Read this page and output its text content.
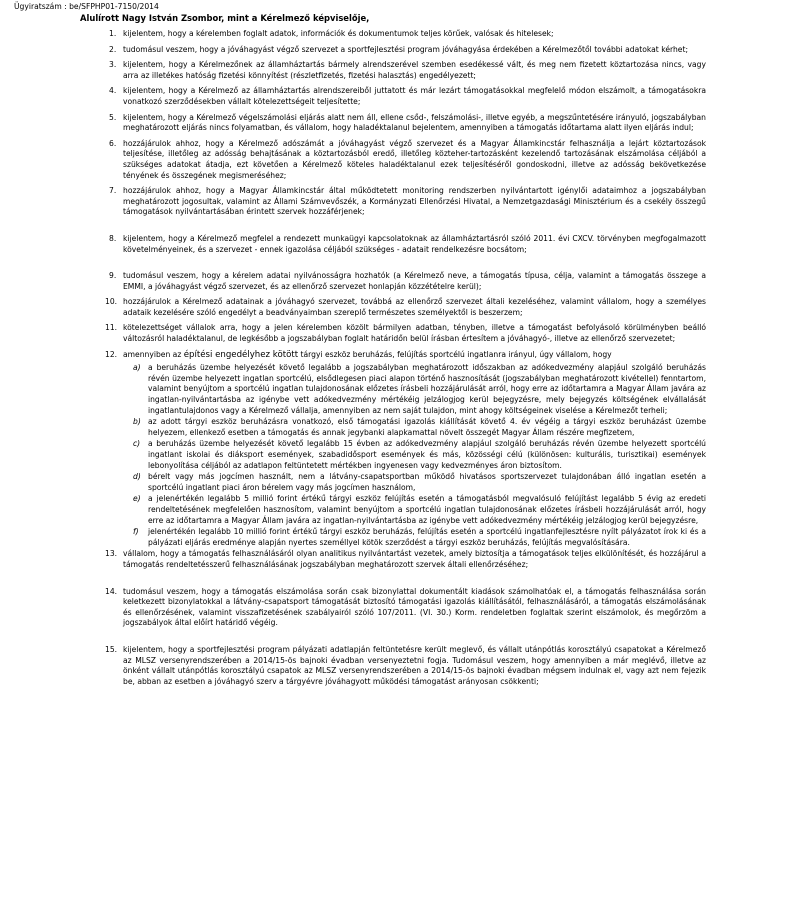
Ügyiratszám : be/SFPHP01-7150/2014
Alulírott Nagy István Zsombor, mint a Kérelmező képviselője,
1. kijelentem, hogy a kérelemben foglalt adatok, információk és dokumentumok teljes körűek, valósak és hitelesek;
2. tudomásul veszem, hogy a jóváhagyást végző szervezet a sportfejlesztési program jóváhagyása érdekében a Kérelmezőtől további adatokat kérhet;
3. kijelentem, hogy a Kérelmezőnek az államháztartás bármely alrendszerével szemben esedékessé vált, és meg nem fizetett köztartozása nincs, vagy arra az illetékes hatóság fizetési könnyítést (részletfizetés, fizetési halasztás) engedélyezett;
4. kijelentem, hogy a Kérelmező az államháztartás alrendszereiből juttatott és már lezárt támogatásokkal megfelelő módon elszámolt, a támogatásokra vonatkozó szerződésekben vállalt kötelezettségeit teljesítette;
5. kijelentem, hogy a Kérelmező végelszámolási eljárás alatt nem áll, ellene csőd-, felszámolási-, illetve egyéb, a megszűntetésére irányuló, jogszabályban meghatározott eljárás nincs folyamatban, és vállalom, hogy haladéktalanul bejelentem, amennyiben a támogatás időtartama alatt ilyen eljárás indul;
6. hozzájárulok ahhoz, hogy a Kérelmező adószámát a jóváhagyást végző szervezet és a Magyar Államkincstár felhasználja a lejárt köztartozások teljesítése, illetőleg az adósság behajtásának a köztartozásból eredő, illetőleg közteher-tartozásként kezelendő tartozásának elszámolása céljából a szükséges adatokat átadja, ezt követően a Kérelmező köteles haladéktalanul ezek teljesítéséről gondoskodni, illetve az adósság bekövetkezése tényének és összegének megismeréséhez;
7. hozzájárulok ahhoz, hogy a Magyar Államkincstár által működtetett monitoring rendszerben nyilvántartott igénylői adataimhoz a jogszabályban meghatározott jogosultak, valamint az Állami Számvevőszék, a Kormányzati Ellenőrzési Hivatal, a Nemzetgazdasági Minisztérium és a csekély összegű támogatások nyilvántartásában érintett szervek hozzáférjenek;
8. kijelentem, hogy a Kérelmező megfelel a rendezett munkaügyi kapcsolatoknak az államháztartásról szóló 2011. évi CXCV. törvényben megfogalmazott követelményeinek, és a szervezet - ennek igazolása céljából szükséges - adatait rendelkezésre bocsátom;
9. tudomásul veszem, hogy a kérelem adatai nyilvánosságra hozhatók (a Kérelmező neve, a támogatás típusa, célja, valamint a támogatás összege a EMMI, a jóváhagyást végző szervezet, és az ellenőrző szervezet honlapján közzétételre kerül);
10. hozzájárulok a Kérelmező adatainak a jóváhagyó szervezet, továbbá az ellenőrző szervezet általi kezeléséhez, valamint vállalom, hogy a személyes adataik kezelésére szóló engedélyt a beadványaimban szereplő természetes személyektől is beszerzem;
11. kötelezettséget vállalok arra, hogy a jelen kérelemben közölt bármilyen adatban, tényben, illetve a támogatást befolyásoló körülményben beálló változásról haladéktalanul, de legkésőbb a jogszabályban foglalt határidőn belül írásban értesítem a jóváhagyó-, illetve az ellenőrző szervezetet;
12. amennyiben az építési engedélyhez kötött tárgyi eszköz beruházás, felújítás sportcélú ingatlanra irányul, úgy vállalom, hogy
a) a beruházás üzembe helyezését követő legalább a jogszabályban meghatározott időszakban az adókedvezmény alapjául szolgáló beruházás révén üzembe helyezett ingatlan sportcélú, elsődlegesen piaci alapon történő hasznosítását (jogszabályban meghatározott kivétellel) fenntartom, valamint benyújtom a sportcélú ingatlan tulajdonosának előzetes írásbeli hozzájárulását arról, hogy erre az időtartamra a Magyar Állam javára az ingatlan-nyilvántartásba az igénybe vett adókedvezmény mértékéig jelzálogjog kerül bejegyzésre, mely bejegyzés költségének elvállalását ingatlantulajdonos vagy a Kérelmező vállalja, amennyiben az nem saját tulajdon, mint ahogy költségeinek viselése a Kérelmezőt terheli;
b) az adott tárgyi eszköz beruházásra vonatkozó, első támogatási igazolás kiállítását követő 4. év végéig a tárgyi eszköz beruházást üzembe helyezem, ellenkező esetben a támogatás és annak jegybanki alapkamattal növelt összegét Magyar Állam részére megfizetem,
c) a beruházás üzembe helyezését követő legalább 15 évben az adókedvezmény alapjául szolgáló beruházás révén üzembe helyezett sportcélú ingatlant iskolai és diáksport események, szabadidősport események és más, közösségi célú (különösen: kulturális, turisztikai) események lebonyolítása céljából az adatlapon feltüntetett mértékben ingyenesen vagy kedvezményes áron biztosítom.
d) bérelt vagy más jogcímen használt, nem a látvány-csapatsportban működő hivatásos sportszervezet tulajdonában álló ingatlan esetén a sportcélú ingatlant piaci áron bérelem vagy más jogcímen használom,
e) a jelenértékén legalább 5 millió forint értékű tárgyi eszköz felújítás esetén a támogatásból megvalósuló felújítást legalább 5 évig az eredeti rendeltetésének megfelelően hasznosítom, valamint benyújtom a sportcélú ingatlan tulajdonosának előzetes írásbeli hozzájárulását arról, hogy erre az időtartamra a Magyar Állam javára az ingatlan-nyilvántartásba az igénybe vett adókedvezmény mértékéig jelzálogjog kerül bejegyzésre,
f) jelenértékén legalább 10 millió forint értékű tárgyi eszköz beruházás, felújítás esetén a sportcélú ingatlanfejlesztésre nyílt pályázatot írok ki és a pályázati eljárás eredménye alapján nyertes személlyel kötök szerződést a tárgyi eszköz beruházás, felújítás megvalósítására.
13. vállalom, hogy a támogatás felhasználásáról olyan analitikus nyilvántartást vezetek, amely biztosítja a támogatások teljes elkülönítését, és hozzájárul a támogatás rendeltetésszerű felhasználásának jogszabályban meghatározott szervek általi ellenőrzéséhez;
14. tudomásul veszem, hogy a támogatás elszámolása során csak bizonylattal dokumentált kiadások számolhatóak el, a támogatás felhasználása során keletkezett bizonylatokkal a látvány-csapatsport támogatását biztosító támogatási igazolás kiállításától, felhasználásáról, a támogatás elszámolásának és ellenőrzésének, valamint visszafizetésének szabályairól szóló 107/2011. (VI. 30.) Korm. rendeletben foglaltak szerint elszámolok, és megőrzöm a jogszabályok által előírt határidő végéig.
15. kijelentem, hogy a sportfejlesztési program pályázati adatlapján feltüntetésre került meglevő, és vállalt utánpótlás korosztályú csapatokat a Kérelmező az MLSZ versenyrendszerében a 2014/15-ös bajnoki évadban versenyeztetni fogja. Tudomásul veszem, hogy amennyiben a már meglévő, illetve az önként vállalt utánpótlás korosztályú csapatok az MLSZ versenyrendszerében a 2014/15-ös bajnoki évadban mégsem indulnak el, vagy azt nem fejezik be, abban az esetben a jóváhagyó szerv a tárgyévre jóváhagyott működési támogatást arányosan csökkenti;
